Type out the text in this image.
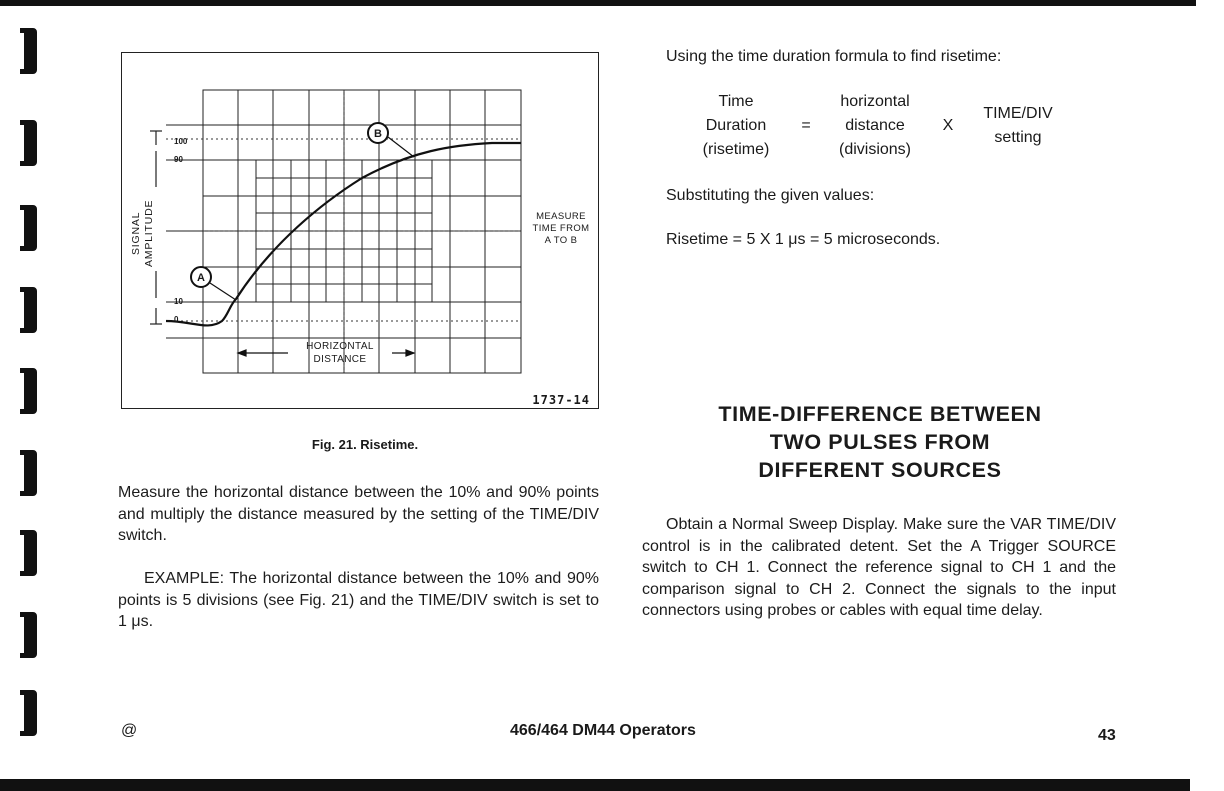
100
90
10
0
A
B
SIGNAL AMPLITUDE	MEASURE
TIME FROM
A TO B
HORIZONTAL
DISTANCE
1737-14
Fig. 21. Risetime.

Measure the horizontal distance between the 10% and 90% points and multiply the distance measured by the setting of the TIME/DIV switch.

EXAMPLE: The horizontal distance between the 10% and 90% points is 5 divisions (see Fig. 21) and the TIME/DIV switch is set to 1 μs.

Using the time duration formula to find risetime:
Time
Duration
(risetime)
=
horizontal
distance
(divisions)
X
TIME/DIV
setting
Substituting the given values:
Risetime = 5 X 1 μs = 5 microseconds.
TIME-DIFFERENCE BETWEEN
TWO PULSES FROM
DIFFERENT SOURCES

Obtain a Normal Sweep Display. Make sure the VAR TIME/DIV control is in the calibrated detent. Set the A Trigger SOURCE switch to CH 1. Connect the reference signal to CH 1 and the comparison signal to CH 2. Connect the signals to the input connectors using probes or cables with equal time delay.

@	466/464 DM44 Operators	43
